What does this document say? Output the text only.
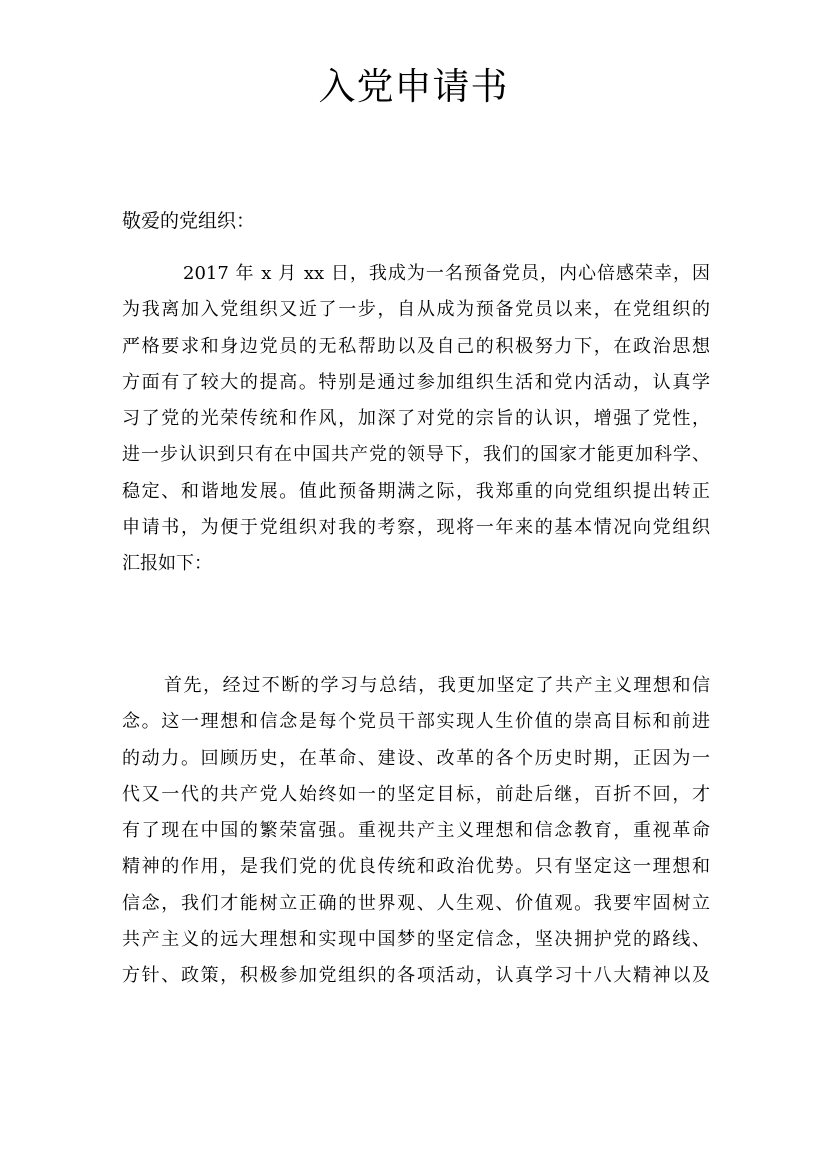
入党申请书

敬爱的党组织：

2017 年 x 月 xx 日，我成为一名预备党员，内心倍感荣幸，因
为我离加入党组织又近了一步，自从成为预备党员以来，在党组织的
严格要求和身边党员的无私帮助以及自己的积极努力下，在政治思想
方面有了较大的提高。特别是通过参加组织生活和党内活动，认真学
习了党的光荣传统和作风，加深了对党的宗旨的认识，增强了党性，
进一步认识到只有在中国共产党的领导下，我们的国家才能更加科学、
稳定、和谐地发展。值此预备期满之际，我郑重的向党组织提出转正
申请书，为便于党组织对我的考察，现将一年来的基本情况向党组织
汇报如下：
首先，经过不断的学习与总结，我更加坚定了共产主义理想和信
念。这一理想和信念是每个党员干部实现人生价值的崇高目标和前进
的动力。回顾历史，在革命、建设、改革的各个历史时期，正因为一
代又一代的共产党人始终如一的坚定目标，前赴后继，百折不回，才
有了现在中国的繁荣富强。重视共产主义理想和信念教育，重视革命
精神的作用，是我们党的优良传统和政治优势。只有坚定这一理想和
信念，我们才能树立正确的世界观、人生观、价值观。我要牢固树立
共产主义的远大理想和实现中国梦的坚定信念，坚决拥护党的路线、
方针、政策，积极参加党组织的各项活动，认真学习十八大精神以及
